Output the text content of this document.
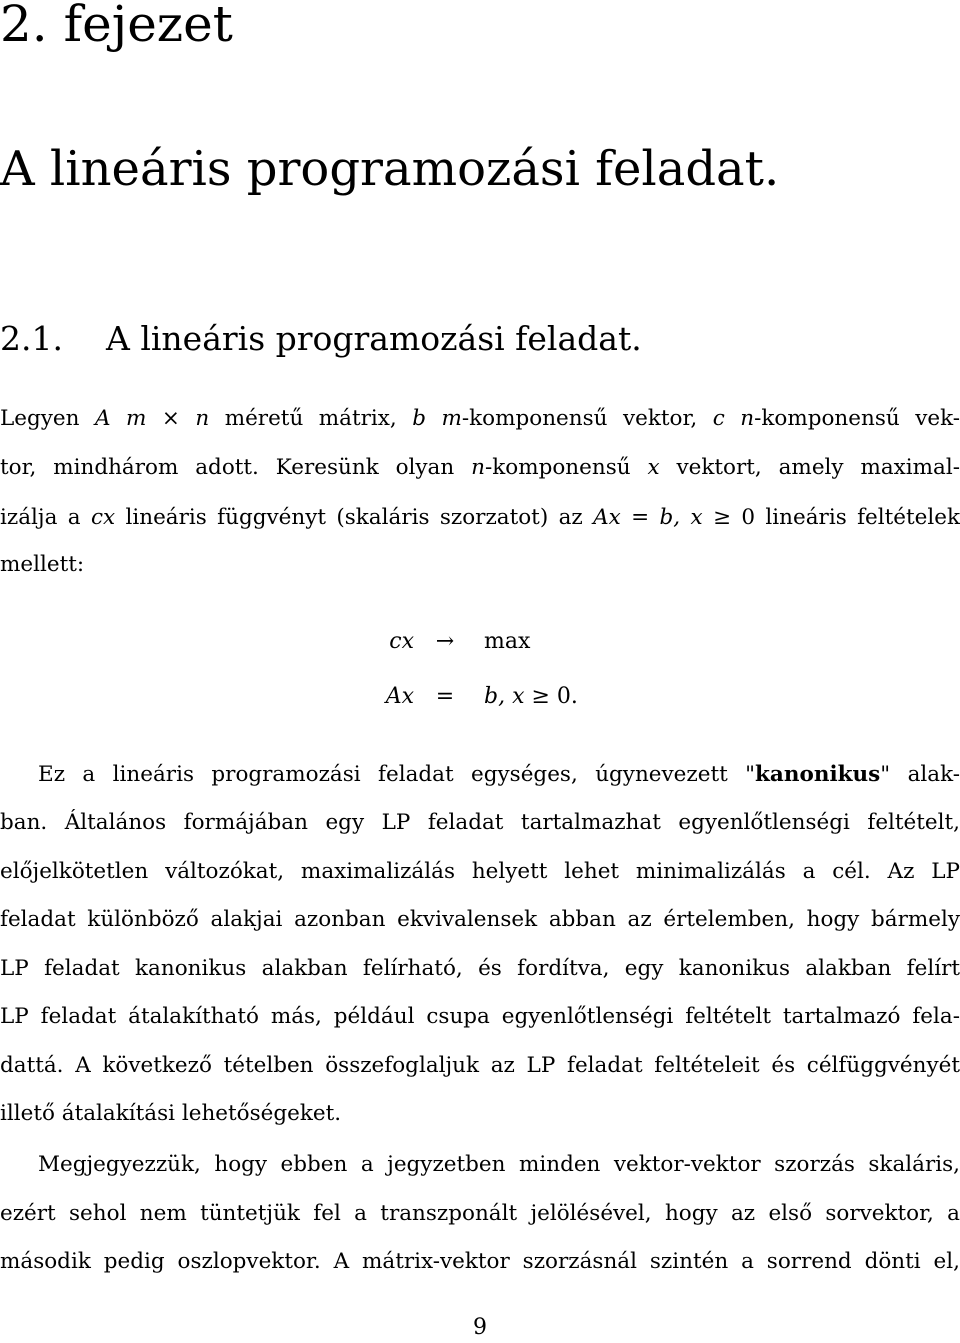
2. fejezet
A lineáris programozási feladat.
2.1. A lineáris programozási feladat.
Legyen A m × n méretű mátrix, b m-komponensű vektor, c n-komponensű vek-
tor, mindhárom adott. Keresünk olyan n-komponensű x vektort, amely maximal-
izálja a cx lineáris függvényt (skaláris szorzatot) az Ax = b, x ≥ 0 lineáris feltételek
mellett:
cx →	max
Ax =	b, x ≥ 0.
Ez a lineáris programozási feladat egységes, úgynevezett "kanonikus" alak-
ban. Általános formájában egy LP feladat tartalmazhat egyenlőtlenségi feltételt,
előjelkötetlen változókat, maximalizálás helyett lehet minimalizálás a cél. Az LP
feladat különböző alakjai azonban ekvivalensek abban az értelemben, hogy bármely
LP feladat kanonikus alakban felírható, és fordítva, egy kanonikus alakban felírt
LP feladat átalakítható más, például csupa egyenlőtlenségi feltételt tartalmazó fela-
dattá. A következő tételben összefoglaljuk az LP feladat feltételeit és célfüggvényét
illető átalakítási lehetőségeket.
Megjegyezzük, hogy ebben a jegyzetben minden vektor-vektor szorzás skaláris,
ezért sehol nem tüntetjük fel a transzponált jelölésével, hogy az első sorvektor, a
második pedig oszlopvektor. A mátrix-vektor szorzásnál szintén a sorrend dönti el,
9
